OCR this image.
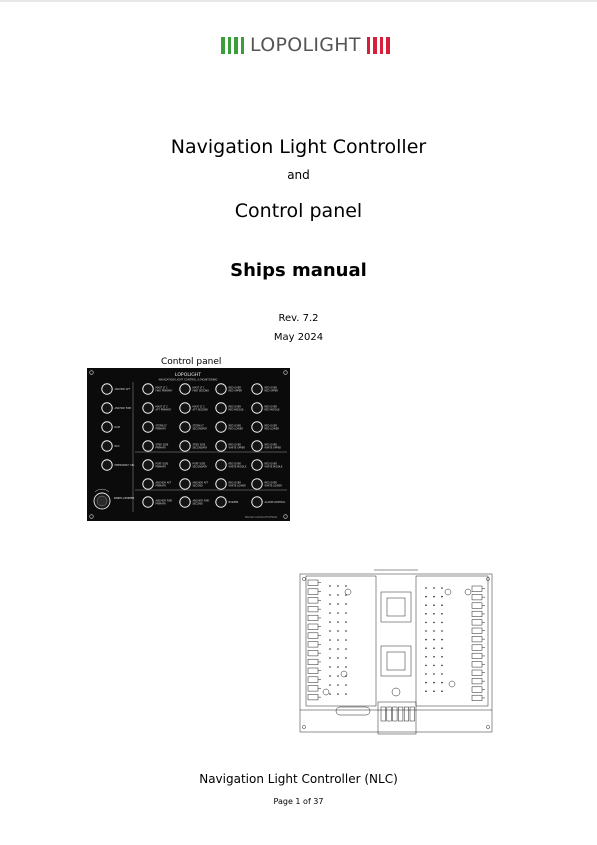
LOPOLIGHT
Navigation Light Controller

and

Control panel
Ships manual

Rev. 7.2

May 2024

Control panel
LOPOLIGHT
NAVIGATION LIGHT CONTROL & MONITORING
ANCHOR AFT
ANCHOR FWD
RAM
NUC
EMERGENCY SEL
MAST LT 1
FWD PRIMARY
MAST LT 2
AFT PRIMARY
STERN LT
PRIMARY
STBD SIDE
PRIMARY
PORT SIDE
PRIMARY
ANCHOR AFT
PRIMARY
ANCHOR FWD
PRIMARY
MAST LT 1
FWD SECOND
MAST LT 2
AFT SECOND
STERN LT
SECONDARY
STBD SIDE
SECONDARY
PORT SIDE
SECONDARY
ANCHOR AFT
SECOND
ANCHOR FWD
SECOND
RED OVER
RED UPPER
RED OVER
RED MIDDLE
RED OVER
RED LOWER
RED OVER
WHITE UPPER
RED OVER
WHITE MIDDLE
RED OVER
WHITE LOWER
BUZZER
RED OVER
RED UPPER
RED OVER
RED MIDDLE
RED OVER
RED LOWER
RED OVER
WHITE UPPER
RED OVER
WHITE MIDDLE
RED OVER
WHITE LOWER
ALARM CONTROL
PANEL DIMMER
PNO-NLC LOPOLIGHT DESIGN
Navigation Light Controller (NLC)
Page 1 of 37
